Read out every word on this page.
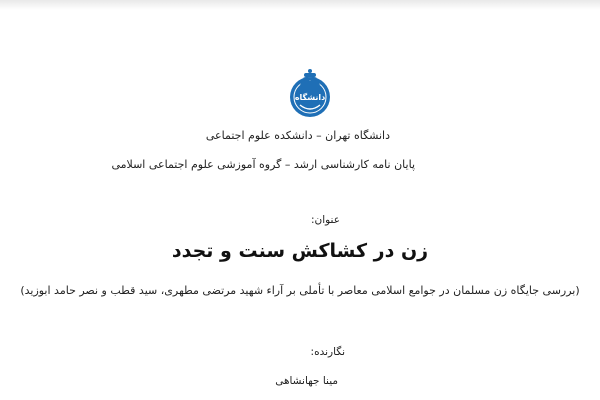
دانشگاه
دانشگاه تهران – دانشکده علوم اجتماعی
پایان نامه کارشناسی ارشد – گروه آموزشی علوم اجتماعی اسلامی
عنوان:
زن در کشاکش سنت و تجدد
(بررسی جایگاه زن مسلمان در جوامع اسلامی معاصر با تأملی بر آراء شهید مرتضی مطهری، سید قطب و نصر حامد ابوزید)
نگارنده:
مینا جهانشاهی
